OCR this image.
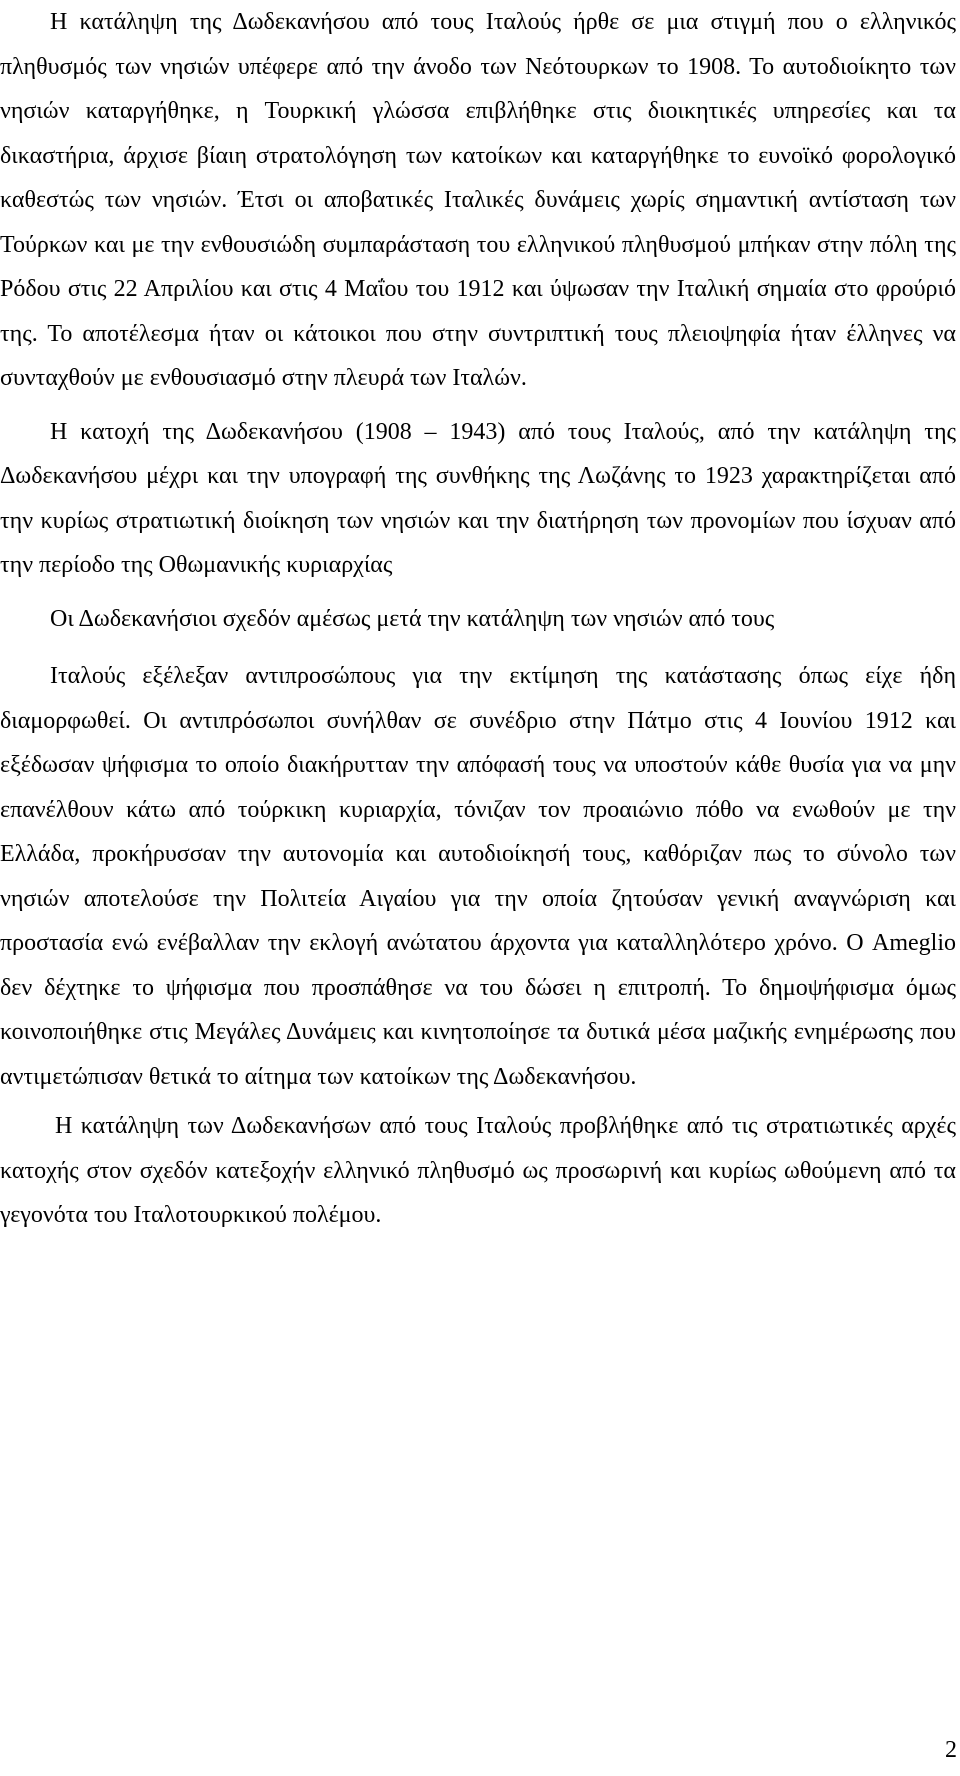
Η κατάληψη της Δωδεκανήσου από τους Ιταλούς ήρθε σε μια στιγμή που ο ελληνικός πληθυσμός των νησιών υπέφερε από την άνοδο των Νεότουρκων το 1908. Το αυτοδιοίκητο των νησιών καταργήθηκε, η Τουρκική γλώσσα επιβλήθηκε στις διοικητικές υπηρεσίες και τα δικαστήρια, άρχισε βίαιη στρατολόγηση των κατοίκων και καταργήθηκε το ευνοϊκό φορολογικό καθεστώς των νησιών. Έτσι οι αποβατικές Ιταλικές δυνάμεις χωρίς σημαντική αντίσταση των Τούρκων και με την ενθουσιώδη συμπαράσταση του ελληνικού πληθυσμού μπήκαν στην πόλη της Ρόδου στις 22 Απριλίου και στις 4 Μαΐου του 1912 και ύψωσαν την Ιταλική σημαία στο φρούριό της. Το αποτέλεσμα ήταν οι κάτοικοι που στην συντριπτική τους πλειοψηφία ήταν έλληνες να συνταχθούν με ενθουσιασμό στην πλευρά των Ιταλών.

Η κατοχή της Δωδεκανήσου (1908 – 1943) από τους Ιταλούς, από την κατάληψη της Δωδεκανήσου μέχρι και την υπογραφή της συνθήκης της Λωζάνης το 1923 χαρακτηρίζεται από την κυρίως στρατιωτική διοίκηση των νησιών και την διατήρηση των προνομίων που ίσχυαν από την περίοδο της Οθωμανικής κυριαρχίας

Οι Δωδεκανήσιοι σχεδόν αμέσως μετά την κατάληψη των νησιών από τους

Ιταλούς εξέλεξαν αντιπροσώπους για την εκτίμηση της κατάστασης όπως είχε ήδη διαμορφωθεί. Οι αντιπρόσωποι συνήλθαν σε συνέδριο στην Πάτμο στις 4 Ιουνίου 1912 και εξέδωσαν ψήφισμα το οποίο διακήρυτταν την απόφασή τους να υποστούν κάθε θυσία για να μην επανέλθουν κάτω από τούρκικη κυριαρχία, τόνιζαν τον προαιώνιο πόθο να ενωθούν με την Ελλάδα, προκήρυσσαν την αυτονομία και αυτοδιοίκησή τους, καθόριζαν πως το σύνολο των νησιών αποτελούσε την Πολιτεία Αιγαίου για την οποία ζητούσαν γενική αναγνώριση και προστασία ενώ ενέβαλλαν την εκλογή ανώτατου άρχοντα για καταλληλότερο χρόνο. Ο Ameglio δεν δέχτηκε το ψήφισμα που προσπάθησε να του δώσει η επιτροπή. Το δημοψήφισμα όμως κοινοποιήθηκε στις Μεγάλες Δυνάμεις και κινητοποίησε τα δυτικά μέσα μαζικής ενημέρωσης που αντιμετώπισαν θετικά το αίτημα των κατοίκων της Δωδεκανήσου.

Η κατάληψη των Δωδεκανήσων από τους Ιταλούς προβλήθηκε από τις στρατιωτικές αρχές κατοχής στον σχεδόν κατεξοχήν ελληνικό πληθυσμό ως προσωρινή και κυρίως ωθούμενη από τα γεγονότα του Ιταλοτουρκικού πολέμου.

2
